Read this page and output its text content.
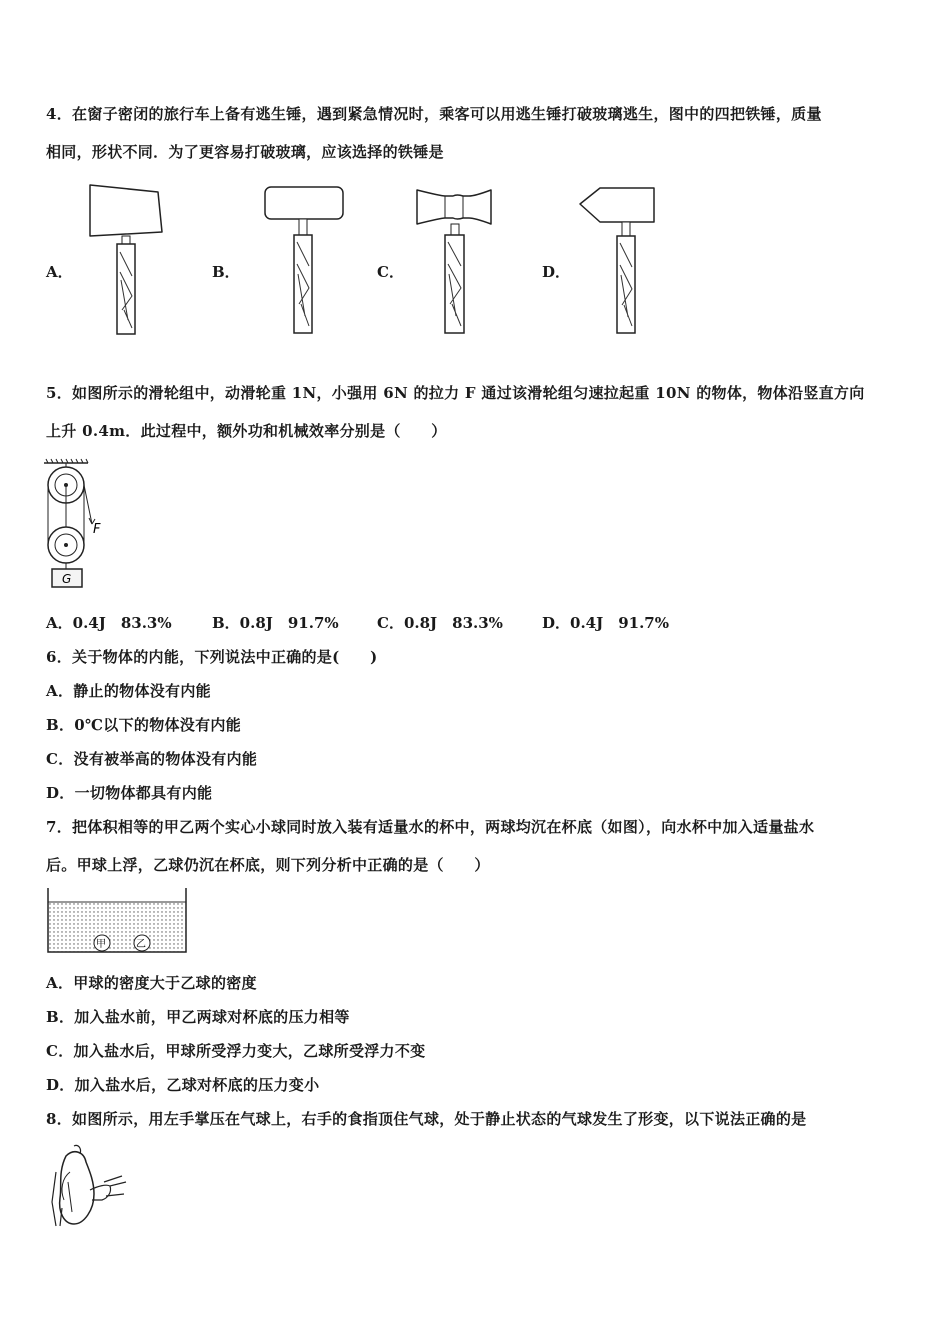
4．在窗子密闭的旅行车上备有逃生锤，遇到紧急情况时，乘客可以用逃生锤打破玻璃逃生，图中的四把铁锤，质量
相同，形状不同．为了更容易打破玻璃，应该选择的铁锤是
A．	B．	C．	D．
5．如图所示的滑轮组中，动滑轮重 1N，小强用 6N 的拉力 F 通过该滑轮组匀速拉起重 10N 的物体，物体沿竖直方向
上升 0.4m．此过程中，额外功和机械效率分别是（　　）
F
G
A．0.4J　83.3%	B．0.8J　91.7%	C．0.8J　83.3%	D．0.4J　91.7%
6．关于物体的内能，下列说法中正确的是(　　)
A．静止的物体没有内能
B．0℃以下的物体没有内能
C．没有被举高的物体没有内能
D．一切物体都具有内能
7．把体积相等的甲乙两个实心小球同时放入装有适量水的杯中，两球均沉在杯底（如图），向水杯中加入适量盐水
后。甲球上浮，乙球仍沉在杯底，则下列分析中正确的是（　　）
甲	乙
A．甲球的密度大于乙球的密度
B．加入盐水前，甲乙两球对杯底的压力相等
C．加入盐水后，甲球所受浮力变大，乙球所受浮力不变
D．加入盐水后，乙球对杯底的压力变小
8．如图所示，用左手掌压在气球上，右手的食指顶住气球，处于静止状态的气球发生了形变，以下说法正确的是
